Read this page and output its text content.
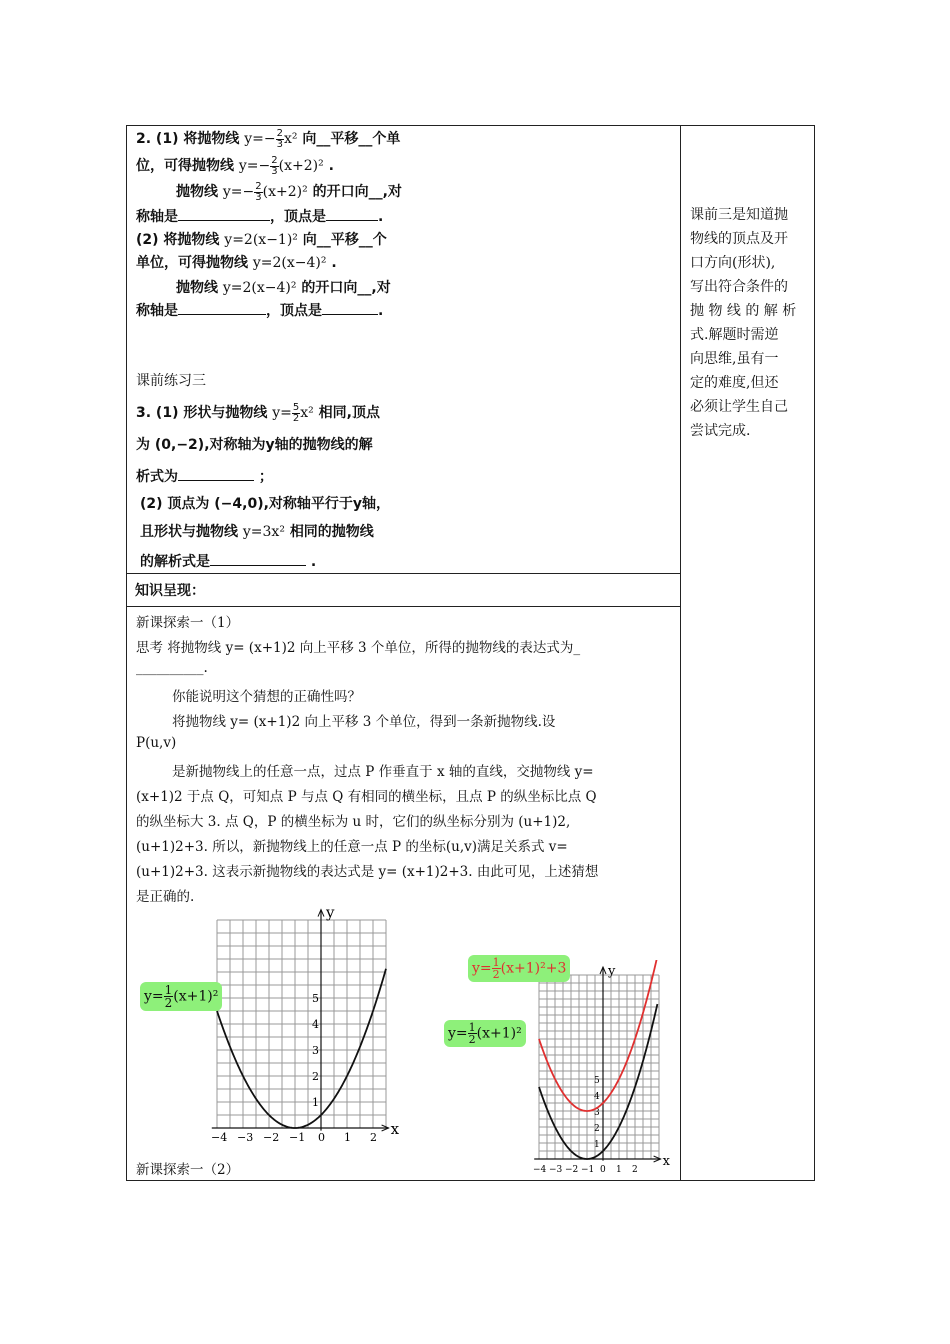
2. (1) 将抛物线 $y=- \frac{2}{3} x^2$ 向__平移__个单
位，可得抛物线 $y=- \frac{2}{3} (x+2)^2$ .
抛物线 $y=- \frac{2}{3} (x+2)^2$ 的开口向__,对
称轴是	，顶点是	.
(2) 将抛物线 y=2(x−1)² 向__平移__个
单位，可得抛物线 y=2(x−4)² .
抛物线 y=2(x−4)² 的开口向__,对
称轴是	，顶点是	.
课前练习三
3. (1) 形状与抛物线 $y= \frac{5}{2} x^2$ 相同,顶点
为 (0,−2),对称轴为y轴的抛物线的解
析式为	；
(2) 顶点为 (−4,0),对称轴平行于y轴，
且形状与抛物线 y=3x² 相同的抛物线
的解析式是	.
课前三是知道抛
物线的顶点及开
口方向(形状),
写出符合条件的
抛 物 线 的 解 析
式.解题时需逆
向思维,虽有一
定的难度,但还
必须让学生自己
尝试完成.
知识呈现：
新课探索一（1）
思考 将抛物线 y= (x+1)2 向上平移 3 个单位，所得的抛物线的表达式为_
__________.
你能说明这个猜想的正确性吗？
将抛物线 y= (x+1)2 向上平移 3 个单位，得到一条新抛物线.设
P(u,v)
是新抛物线上的任意一点，过点 P 作垂直于 x 轴的直线，交抛物线 y=
(x+1)2 于点 Q，可知点 P 与点 Q 有相同的横坐标，且点 P 的纵坐标比点 Q
的纵坐标大 3. 点 Q，P 的横坐标为 u 时，它们的纵坐标分别为 (u+1)2,
(u+1)2+3. 所以，新抛物线上的任意一点 P 的坐标(u,v)满足关系式 v=
(u+1)2+3. 这表示新抛物线的表达式是 y= (x+1)2+3. 由此可见，上述猜想
是正确的.
新课探索一（2）
x
y
−4 −3 −2 −1 0 1 2
1
2
3
4
5
$y= \frac{1}{2} (x+1)^2$
x
y
−4 −3 −2 −1 0 1 2
1
2
3
4
5
$y= \frac{1}{2} (x+1)^2+3$
$y= \frac{1}{2} (x+1)^2$
